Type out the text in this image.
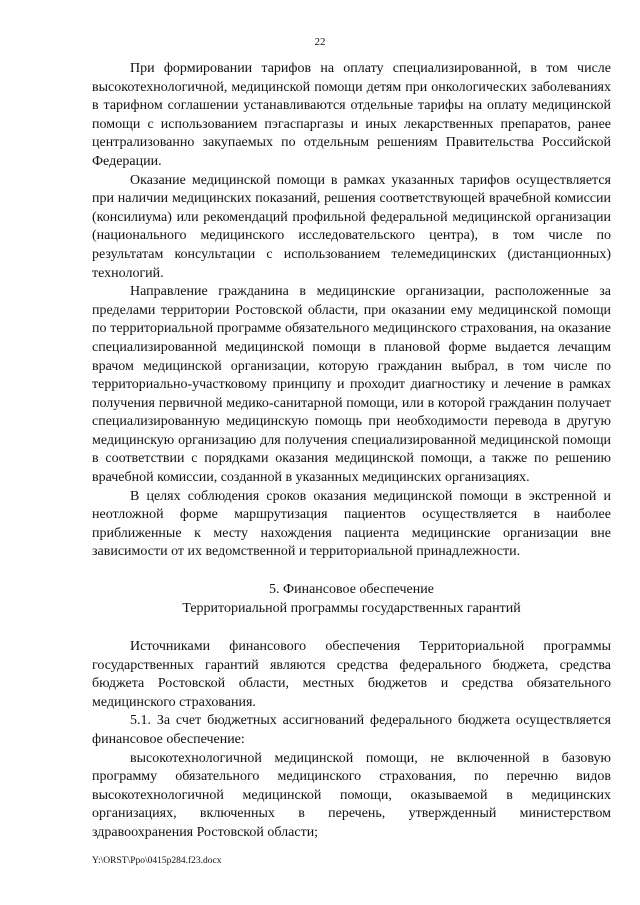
22

При формировании тарифов на оплату специализированной, в том числе высокотехнологичной, медицинской помощи детям при онкологических заболеваниях в тарифном соглашении устанавливаются отдельные тарифы на оплату медицинской помощи с использованием пэгаспаргазы и иных лекарственных препаратов, ранее централизованно закупаемых по отдельным решениям Правительства Российской Федерации.

Оказание медицинской помощи в рамках указанных тарифов осуществляется при наличии медицинских показаний, решения соответствующей врачебной комиссии (консилиума) или рекомендаций профильной федеральной медицинской организации (национального медицинского исследовательского центра), в том числе по результатам консультации с использованием телемедицинских (дистанционных) технологий.

Направление гражданина в медицинские организации, расположенные за пределами территории Ростовской области, при оказании ему медицинской помощи по территориальной программе обязательного медицинского страхования, на оказание специализированной медицинской помощи в плановой форме выдается лечащим врачом медицинской организации, которую гражданин выбрал, в том числе по территориально-участковому принципу и проходит диагностику и лечение в рамках получения первичной медико-санитарной помощи, или в которой гражданин получает специализированную медицинскую помощь при необходимости перевода в другую медицинскую организацию для получения специализированной медицинской помощи в соответствии с порядками оказания медицинской помощи, а также по решению врачебной комиссии, созданной в указанных медицинских организациях.

В целях соблюдения сроков оказания медицинской помощи в экстренной и неотложной форме маршрутизация пациентов осуществляется в наиболее приближенные к месту нахождения пациента медицинские организации вне зависимости от их ведомственной и территориальной принадлежности.

5. Финансовое обеспечение
Территориальной программы государственных гарантий

Источниками финансового обеспечения Территориальной программы государственных гарантий являются средства федерального бюджета, средства бюджета Ростовской области, местных бюджетов и средства обязательного медицинского страхования.

5.1. За счет бюджетных ассигнований федерального бюджета осуществляется финансовое обеспечение:

высокотехнологичной медицинской помощи, не включенной в базовую программу обязательного медицинского страхования, по перечню видов высокотехнологичной медицинской помощи, оказываемой в медицинских организациях, включенных в перечень, утвержденный министерством здравоохранения Ростовской области;

Y:\ORST\Ppo\0415p284.f23.docx
